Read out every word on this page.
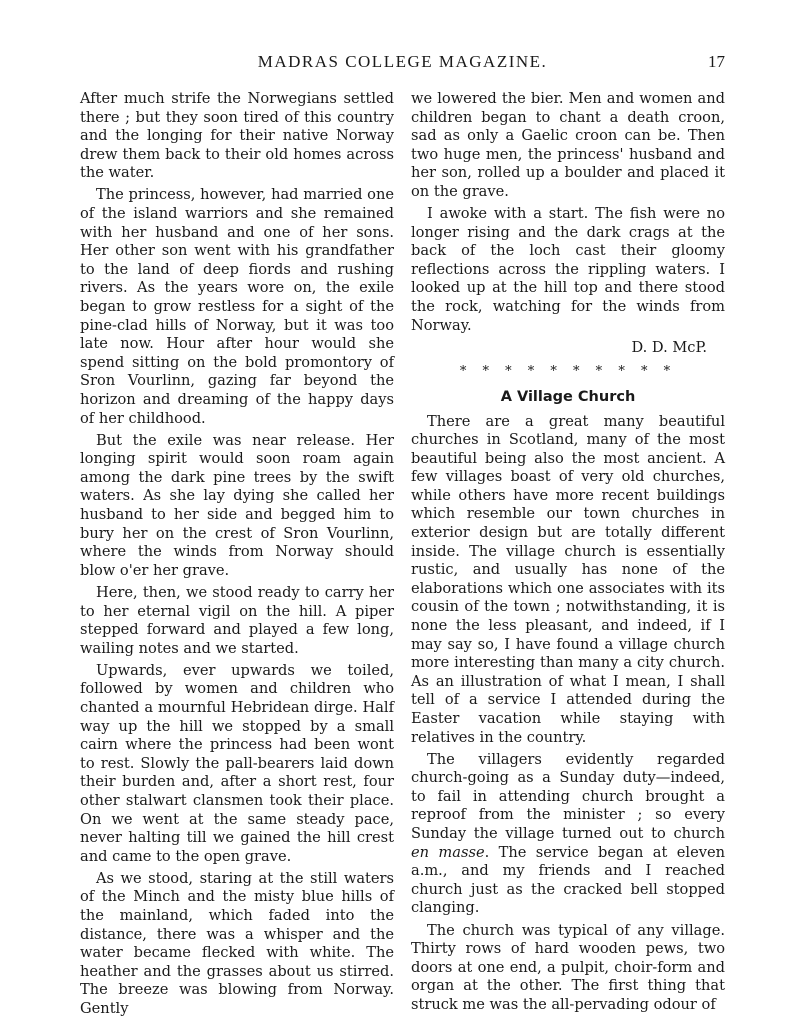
MADRAS COLLEGE MAGAZINE.	17

After much strife the Norwegians settled there ; but they soon tired of this country and the longing for their native Norway drew them back to their old homes across the water.

The princess, however, had married one of the island warriors and she remained with her husband and one of her sons. Her other son went with his grandfather to the land of deep fiords and rushing rivers. As the years wore on, the exile began to grow restless for a sight of the pine-clad hills of Norway, but it was too late now. Hour after hour would she spend sitting on the bold promontory of Sron Vourlinn, gazing far beyond the horizon and dreaming of the happy days of her childhood.

But the exile was near release. Her longing spirit would soon roam again among the dark pine trees by the swift waters. As she lay dying she called her husband to her side and begged him to bury her on the crest of Sron Vourlinn, where the winds from Norway should blow o'er her grave.

Here, then, we stood ready to carry her to her eternal vigil on the hill. A piper stepped forward and played a few long, wailing notes and we started.

Upwards, ever upwards we toiled, followed by women and children who chanted a mournful Hebridean dirge. Half way up the hill we stopped by a small cairn where the princess had been wont to rest. Slowly the pall-bearers laid down their burden and, after a short rest, four other stalwart clansmen took their place. On we went at the same steady pace, never halting till we gained the hill crest and came to the open grave.

As we stood, staring at the still waters of the Minch and the misty blue hills of the mainland, which faded into the distance, there was a whisper and the water became flecked with white. The heather and the grasses about us stirred. The breeze was blowing from Norway. Gently

we lowered the bier. Men and women and children began to chant a death croon, sad as only a Gaelic croon can be. Then two huge men, the princess' husband and her son, rolled up a boulder and placed it on the grave.

I awoke with a start. The fish were no longer rising and the dark crags at the back of the loch cast their gloomy reflections across the rippling waters. I looked up at the hill top and there stood the rock, watching for the winds from Norway.

D. D. McP.

* * * * * * * * * *

A Village Church

There are a great many beautiful churches in Scotland, many of the most beautiful being also the most ancient. A few villages boast of very old churches, while others have more recent buildings which resemble our town churches in exterior design but are totally different inside. The village church is essentially rustic, and usually has none of the elaborations which one associates with its cousin of the town ; notwithstanding, it is none the less pleasant, and indeed, if I may say so, I have found a village church more interesting than many a city church. As an illustration of what I mean, I shall tell of a service I attended during the Easter vacation while staying with relatives in the country.

The villagers evidently regarded church-going as a Sunday duty—indeed, to fail in attending church brought a reproof from the minister ; so every Sunday the village turned out to church en masse. The service began at eleven a.m., and my friends and I reached church just as the cracked bell stopped clanging.

The church was typical of any village. Thirty rows of hard wooden pews, two doors at one end, a pulpit, choir-form and organ at the other. The first thing that struck me was the all-pervading odour of
